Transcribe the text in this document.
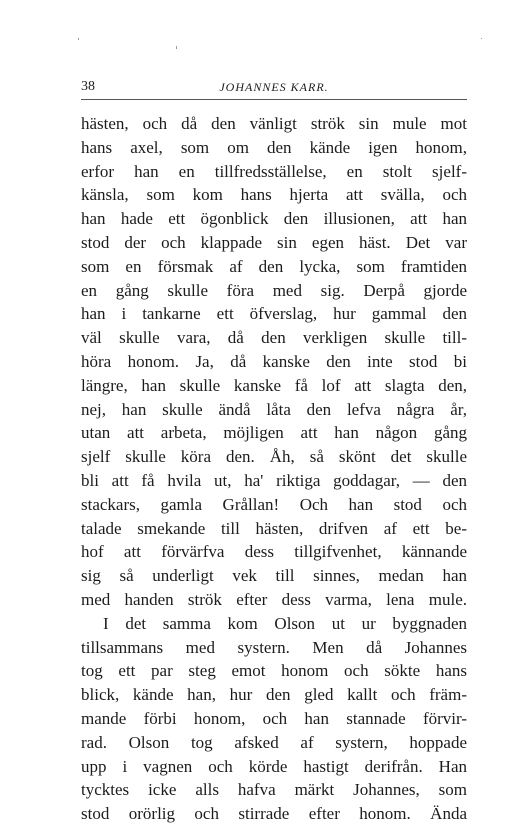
38	JOHANNES KARR.
hästen, och då den vänligt strök sin mule mot
hans axel, som om den kände igen honom,
erfor han en tillfredsställelse, en stolt sjelf-
känsla, som kom hans hjerta att svälla, och
han hade ett ögonblick den illusionen, att han
stod der och klappade sin egen häst. Det var
som en försmak af den lycka, som framtiden
en gång skulle föra med sig. Derpå gjorde
han i tankarne ett öfverslag, hur gammal den
väl skulle vara, då den verkligen skulle till-
höra honom. Ja, då kanske den inte stod bi
längre, han skulle kanske få lof att slagta den,
nej, han skulle ändå låta den lefva några år,
utan att arbeta, möjligen att han någon gång
sjelf skulle köra den. Åh, så skönt det skulle
bli att få hvila ut, ha' riktiga goddagar, — den
stackars, gamla Grållan! Och han stod och
talade smekande till hästen, drifven af ett be-
hof att förvärfva dess tillgifvenhet, kännande
sig så underligt vek till sinnes, medan han
med handen strök efter dess varma, lena mule.
I det samma kom Olson ut ur byggnaden
tillsammans med systern. Men då Johannes
tog ett par steg emot honom och sökte hans
blick, kände han, hur den gled kallt och främ-
mande förbi honom, och han stannade förvir-
rad. Olson tog afsked af systern, hoppade
upp i vagnen och körde hastigt derifrån. Han
tycktes icke alls hafva märkt Johannes, som
stod orörlig och stirrade efter honom. Ända
